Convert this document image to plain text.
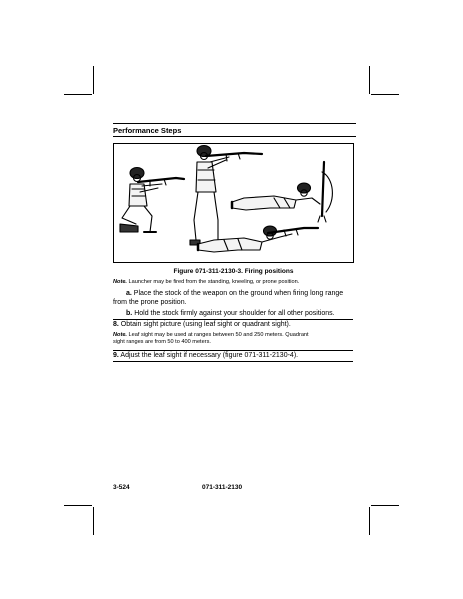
Performance Steps
Figure 071-311-2130-3. Firing positions
Note. Launcher may be fired from the standing, kneeling, or prone position.
a. Place the stock of the weapon on the ground when firing long range
from the prone position.
b. Hold the stock firmly against your shoulder for all other positions.
8. Obtain sight picture (using leaf sight or quadrant sight).
Note. Leaf sight may be used at ranges between 50 and 250 meters. Quadrant
sight ranges are from 50 to 400 meters.
9. Adjust the leaf sight if necessary (figure 071-311-2130-4).
3-524	071-311-2130
